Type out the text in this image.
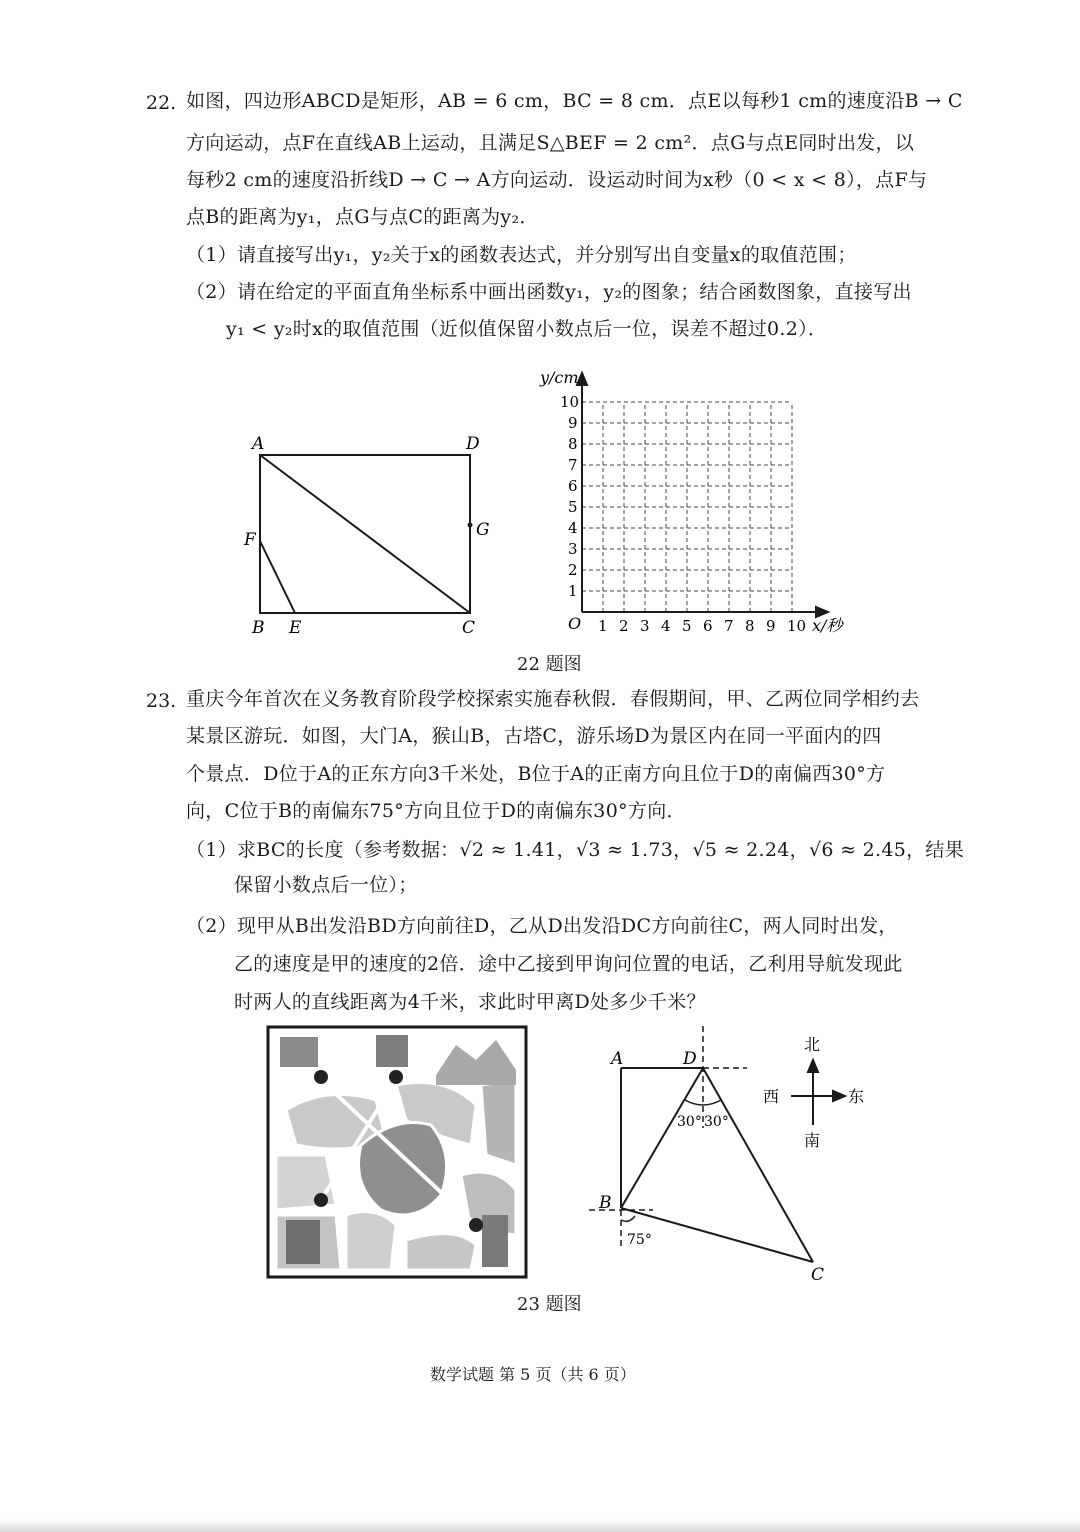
22. 如图，四边形ABCD是矩形，AB = 6 cm，BC = 8 cm．点E以每秒1 cm的速度沿B → C
方向运动，点F在直线AB上运动，且满足S△BEF = 2 cm²．点G与点E同时出发，以
每秒2 cm的速度沿折线D → C → A方向运动．设运动时间为x秒（0 < x < 8），点F与
点B的距离为y₁，点G与点C的距离为y₂．
（1）请直接写出y₁，y₂关于x的函数表达式，并分别写出自变量x的取值范围；
（2）请在给定的平面直角坐标系中画出函数y₁，y₂的图象；结合函数图象，直接写出
y₁ < y₂时x的取值范围（近似值保留小数点后一位，误差不超过0.2）．
A	D
F	G
B E	C
y/cm
x/秒
O 1 2 3 4 5 6 7 8 9 10
1
2
3
4
5
6
7
8
9
10
22 题图
23. 重庆今年首次在义务教育阶段学校探索实施春秋假．春假期间，甲、乙两位同学相约去
某景区游玩．如图，大门A，猴山B，古塔C，游乐场D为景区内在同一平面内的四
个景点．D位于A的正东方向3千米处，B位于A的正南方向且位于D的南偏西30°方
向，C位于B的南偏东75°方向且位于D的南偏东30°方向．
（1）求BC的长度（参考数据：√2 ≈ 1.41，√3 ≈ 1.73，√5 ≈ 2.24，√6 ≈ 2.45，结果
保留小数点后一位）；
（2）现甲从B出发沿BD方向前往D，乙从D出发沿DC方向前往C，两人同时出发，
乙的速度是甲的速度的2倍．途中乙接到甲询问位置的电话，乙利用导航发现此
时两人的直线距离为4千米，求此时甲离D处多少千米？
A	D
B
C
30° 30°
75°
北
南
西	东
23 题图
数学试题 第 5 页（共 6 页）
